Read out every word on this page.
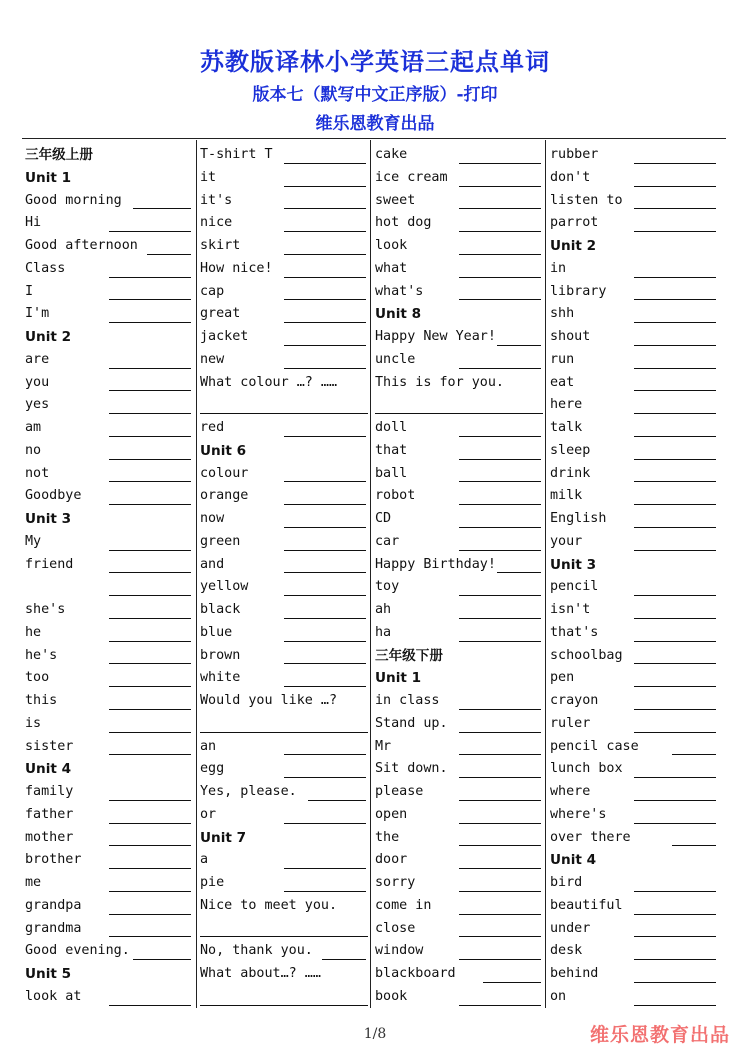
苏教版译林小学英语三起点单词
版本七（默写中文正序版）-打印
维乐恩教育出品
三年级上册
Unit 1
Good morning
Hi
Good afternoon
Class
I
I'm
Unit 2
are
you
yes
am
no
not
Goodbye
Unit 3
My
friend
she's
he
he's
too
this
is
sister
Unit 4
family
father
mother
brother
me
grandpa
grandma
Good evening.
Unit 5
look at
T-shirt T
it
it's
nice
skirt
How nice!
cap
great
jacket
new
What colour …? ……
red
Unit 6
colour
orange
now
green
and
yellow
black
blue
brown
white
Would you like …?
an
egg
Yes, please.
or
Unit 7
a
pie
Nice to meet you.
No, thank you.
What about…? ……
cake
ice cream
sweet
hot dog
look
what
what's
Unit 8
Happy New Year!
uncle
This is for you.
doll
that
ball
robot
CD
car
Happy Birthday!
toy
ah
ha
三年级下册
Unit 1
in class
Stand up.
Mr
Sit down.
please
open
the
door
sorry
come in
close
window
blackboard
book
rubber
don't
listen to
parrot
Unit 2
in
library
shh
shout
run
eat
here
talk
sleep
drink
milk
English
your
Unit 3
pencil
isn't
that's
schoolbag
pen
crayon
ruler
pencil case
lunch box
where
where's
over there
Unit 4
bird
beautiful
under
desk
behind
on
1/8	维乐恩教育出品
